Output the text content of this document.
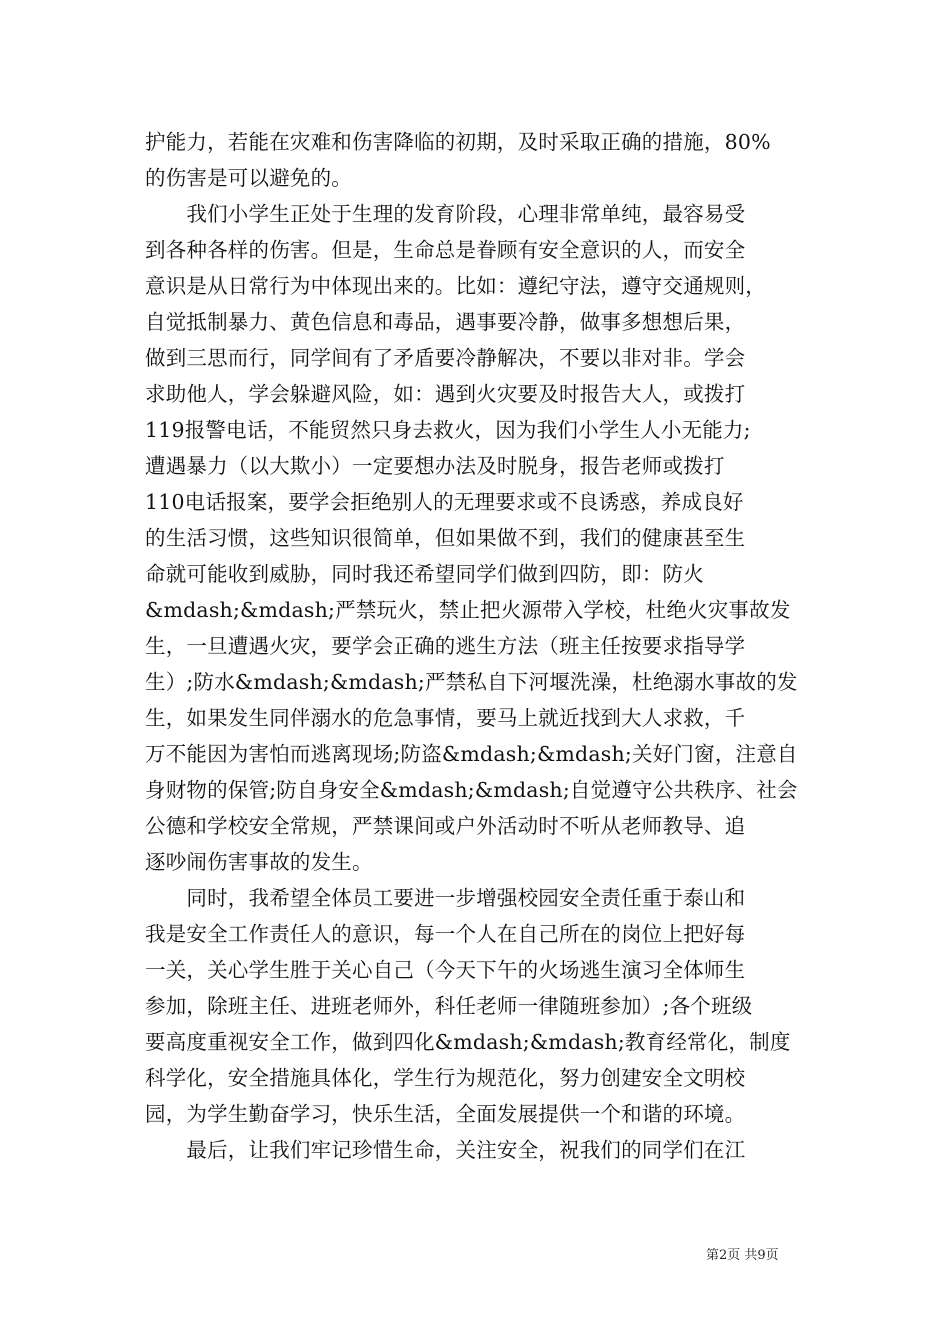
护能力，若能在灾难和伤害降临的初期，及时采取正确的措施，80%
的伤害是可以避免的。
　　我们小学生正处于生理的发育阶段，心理非常单纯，最容易受
到各种各样的伤害。但是，生命总是眷顾有安全意识的人，而安全
意识是从日常行为中体现出来的。比如：遵纪守法，遵守交通规则，
自觉抵制暴力、黄色信息和毒品，遇事要冷静，做事多想想后果，
做到三思而行，同学间有了矛盾要冷静解决，不要以非对非。学会
求助他人，学会躲避风险，如：遇到火灾要及时报告大人，或拨打
119报警电话，不能贸然只身去救火，因为我们小学生人小无能力;
遭遇暴力（以大欺小）一定要想办法及时脱身，报告老师或拨打
110电话报案，要学会拒绝别人的无理要求或不良诱惑，养成良好
的生活习惯，这些知识很简单，但如果做不到，我们的健康甚至生
命就可能收到威胁，同时我还希望同学们做到四防，即：防火
&mdash;&mdash;严禁玩火，禁止把火源带入学校，杜绝火灾事故发
生，一旦遭遇火灾，要学会正确的逃生方法（班主任按要求指导学
生）;防水&mdash;&mdash;严禁私自下河堰洗澡，杜绝溺水事故的发
生，如果发生同伴溺水的危急事情，要马上就近找到大人求救，千
万不能因为害怕而逃离现场;防盗&mdash;&mdash;关好门窗，注意自
身财物的保管;防自身安全&mdash;&mdash;自觉遵守公共秩序、社会
公德和学校安全常规，严禁课间或户外活动时不听从老师教导、追
逐吵闹伤害事故的发生。
　　同时，我希望全体员工要进一步增强校园安全责任重于泰山和
我是安全工作责任人的意识，每一个人在自己所在的岗位上把好每
一关，关心学生胜于关心自己（今天下午的火场逃生演习全体师生
参加，除班主任、进班老师外，科任老师一律随班参加）;各个班级
要高度重视安全工作，做到四化&mdash;&mdash;教育经常化，制度
科学化，安全措施具体化，学生行为规范化，努力创建安全文明校
园，为学生勤奋学习，快乐生活，全面发展提供一个和谐的环境。
　　最后，让我们牢记珍惜生命，关注安全，祝我们的同学们在江
第2页 共9页
